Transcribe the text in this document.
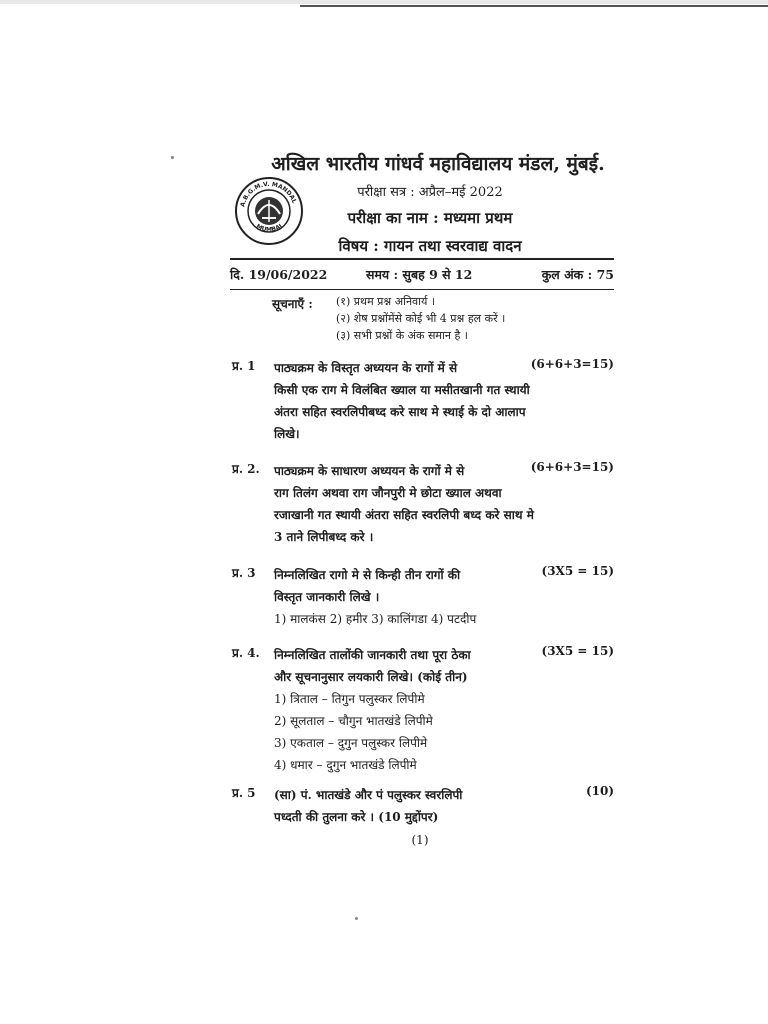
अखिल भारतीय गांधर्व महाविद्यालय मंडल, मुंबई.
A.B.G.M.V. MANDAL
MUMBAI
परीक्षा सत्र : अप्रैल–मई 2022
परीक्षा का नाम : मध्यमा प्रथम
विषय : गायन तथा स्वरवाद्य वादन
दि. 19/06/2022	समय : सुबह 9 से 12	कुल अंक : 75
सूचनाएँ : (१) प्रथम प्रश्न अनिवार्य ।
(२) शेष प्रश्नोंमेंसे कोई भी 4 प्रश्न हल करें ।
(३) सभी प्रश्नों के अंक समान है ।
प्र. 1 पाठ्यक्रम के विस्तृत अध्ययन के रागों में से
किसी एक राग मे विलंबित ख्याल या मसीतखानी गत स्थायी
अंतरा सहित स्वरलिपीबध्द करे साथ मे स्थाई के दो आलाप
लिखे।
(6+6+3=15)
प्र. 2. पाठ्यक्रम के साधारण अध्ययन के रागों मे से
राग तिलंग अथवा राग जौनपुरी मे छोटा ख्याल अथवा
रजाखानी गत स्थायी अंतरा सहित स्वरलिपी बध्द करे साथ मे
3 ताने लिपीबध्द करे ।
(6+6+3=15)
प्र. 3 निम्नलिखित रागो मे से किन्ही तीन रागों की
विस्तृत जानकारी लिखे ।
1) मालकंस 2) हमीर 3) कालिंगडा 4) पटदीप
(3X5 = 15)
प्र. 4. निम्नलिखित तालोंकी जानकारी तथा पूरा ठेका
और सूचनानुसार लयकारी लिखे। (कोई तीन)
1) त्रिताल – तिगुन पलुस्कर लिपीमे
2) सूलताल – चौगुन भातखंडे लिपीमे
3) एकताल – दुगुन पलुस्कर लिपीमे
4) धमार – दुगुन भातखंडे लिपीमे
(3X5 = 15)
प्र. 5 (सा) पं. भातखंडे और पं पलुस्कर स्वरलिपी
पध्दती की तुलना करे । (10 मुद्दोंपर)
(10)
(1)
